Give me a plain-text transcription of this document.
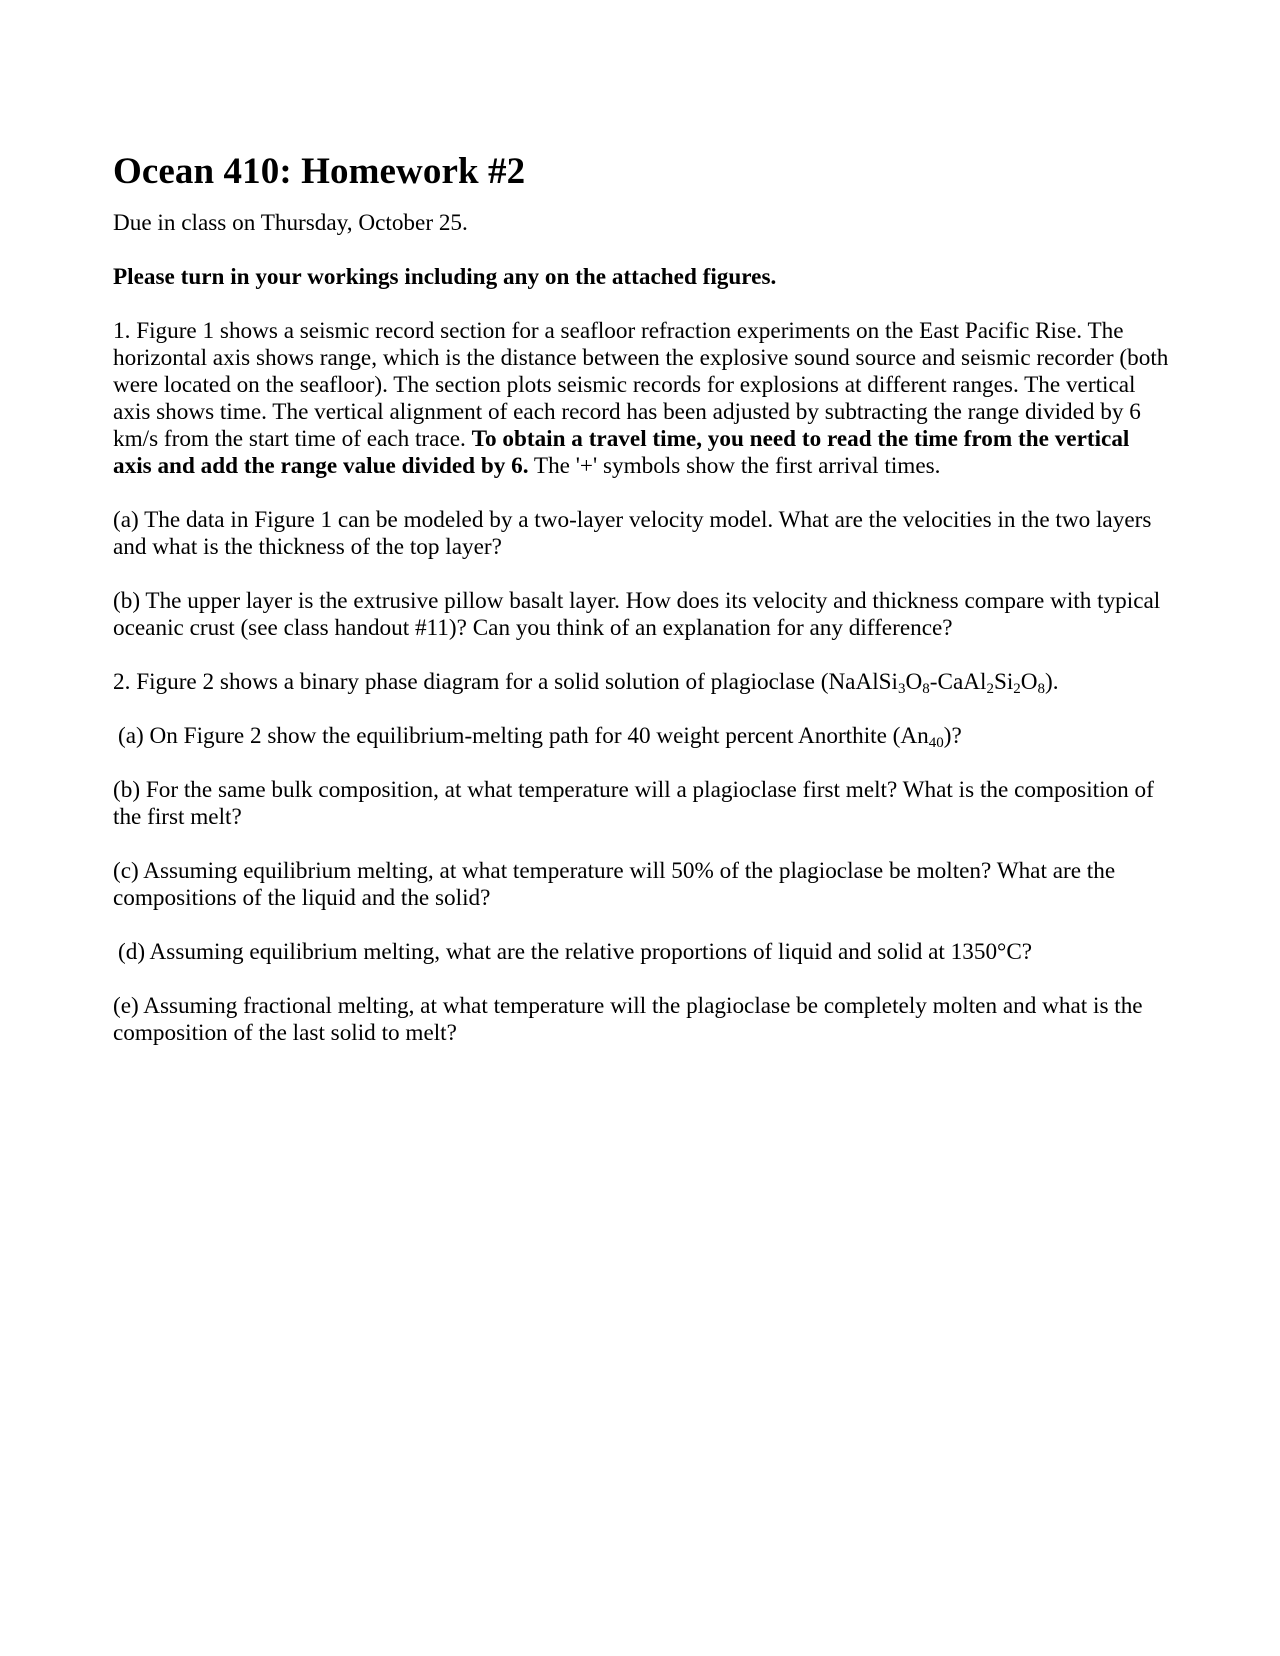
Ocean 410: Homework #2

Due in class on Thursday, October 25.

Please turn in your workings including any on the attached figures.

1. Figure 1 shows a seismic record section for a seafloor refraction experiments on the East Pacific Rise. The horizontal axis shows range, which is the distance between the explosive sound source and seismic recorder (both were located on the seafloor). The section plots seismic records for explosions at different ranges. The vertical axis shows time. The vertical alignment of each record has been adjusted by subtracting the range divided by 6 km/s from the start time of each trace. To obtain a travel time, you need to read the time from the vertical axis and add the range value divided by 6. The '+' symbols show the first arrival times.

(a) The data in Figure 1 can be modeled by a two-layer velocity model. What are the velocities in the two layers and what is the thickness of the top layer?

(b) The upper layer is the extrusive pillow basalt layer. How does its velocity and thickness compare with typical oceanic crust (see class handout #11)? Can you think of an explanation for any difference?

2. Figure 2 shows a binary phase diagram for a solid solution of plagioclase $(NaAlSi_3O_8-CaAl_2Si_2O_8)$.

(a) On Figure 2 show the equilibrium-melting path for 40 weight percent Anorthite $(An_{40})$?

(b) For the same bulk composition, at what temperature will a plagioclase first melt? What is the composition of the first melt?

(c) Assuming equilibrium melting, at what temperature will 50% of the plagioclase be molten? What are the compositions of the liquid and the solid?

(d) Assuming equilibrium melting, what are the relative proportions of liquid and solid at 1350°C?

(e) Assuming fractional melting, at what temperature will the plagioclase be completely molten and what is the composition of the last solid to melt?
